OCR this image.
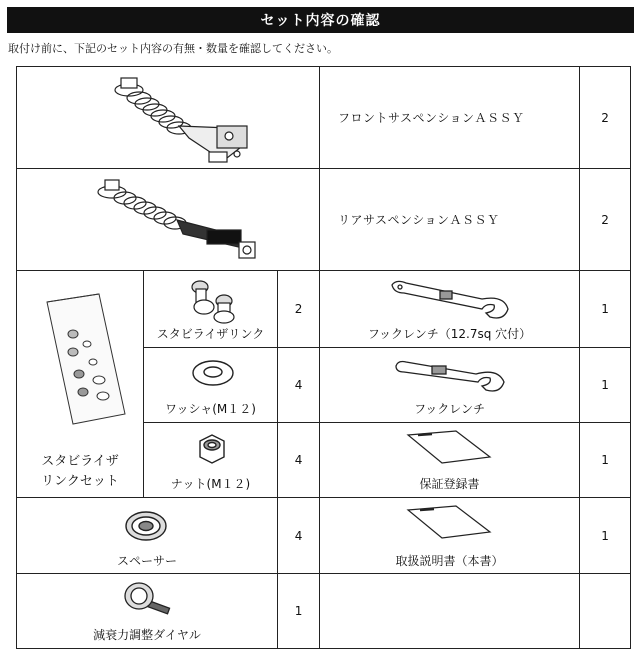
セット内容の確認
取付け前に、下記のセット内容の有無・数量を確認してください。
	フロントサスペンションＡＳＳＹ	2

	リアサスペンションＡＳＳＹ	2

スタビライザ
リンクセット	スタビライザリンク	2	フックレンチ（12.7sq 穴付）	1

	ワッシャ(M１２)	4	フックレンチ	1

	ナット(M１２)	4	保証登録書	1

スペーサー		4	取扱説明書（本書）	1

減衰力調整ダイヤル		1		
